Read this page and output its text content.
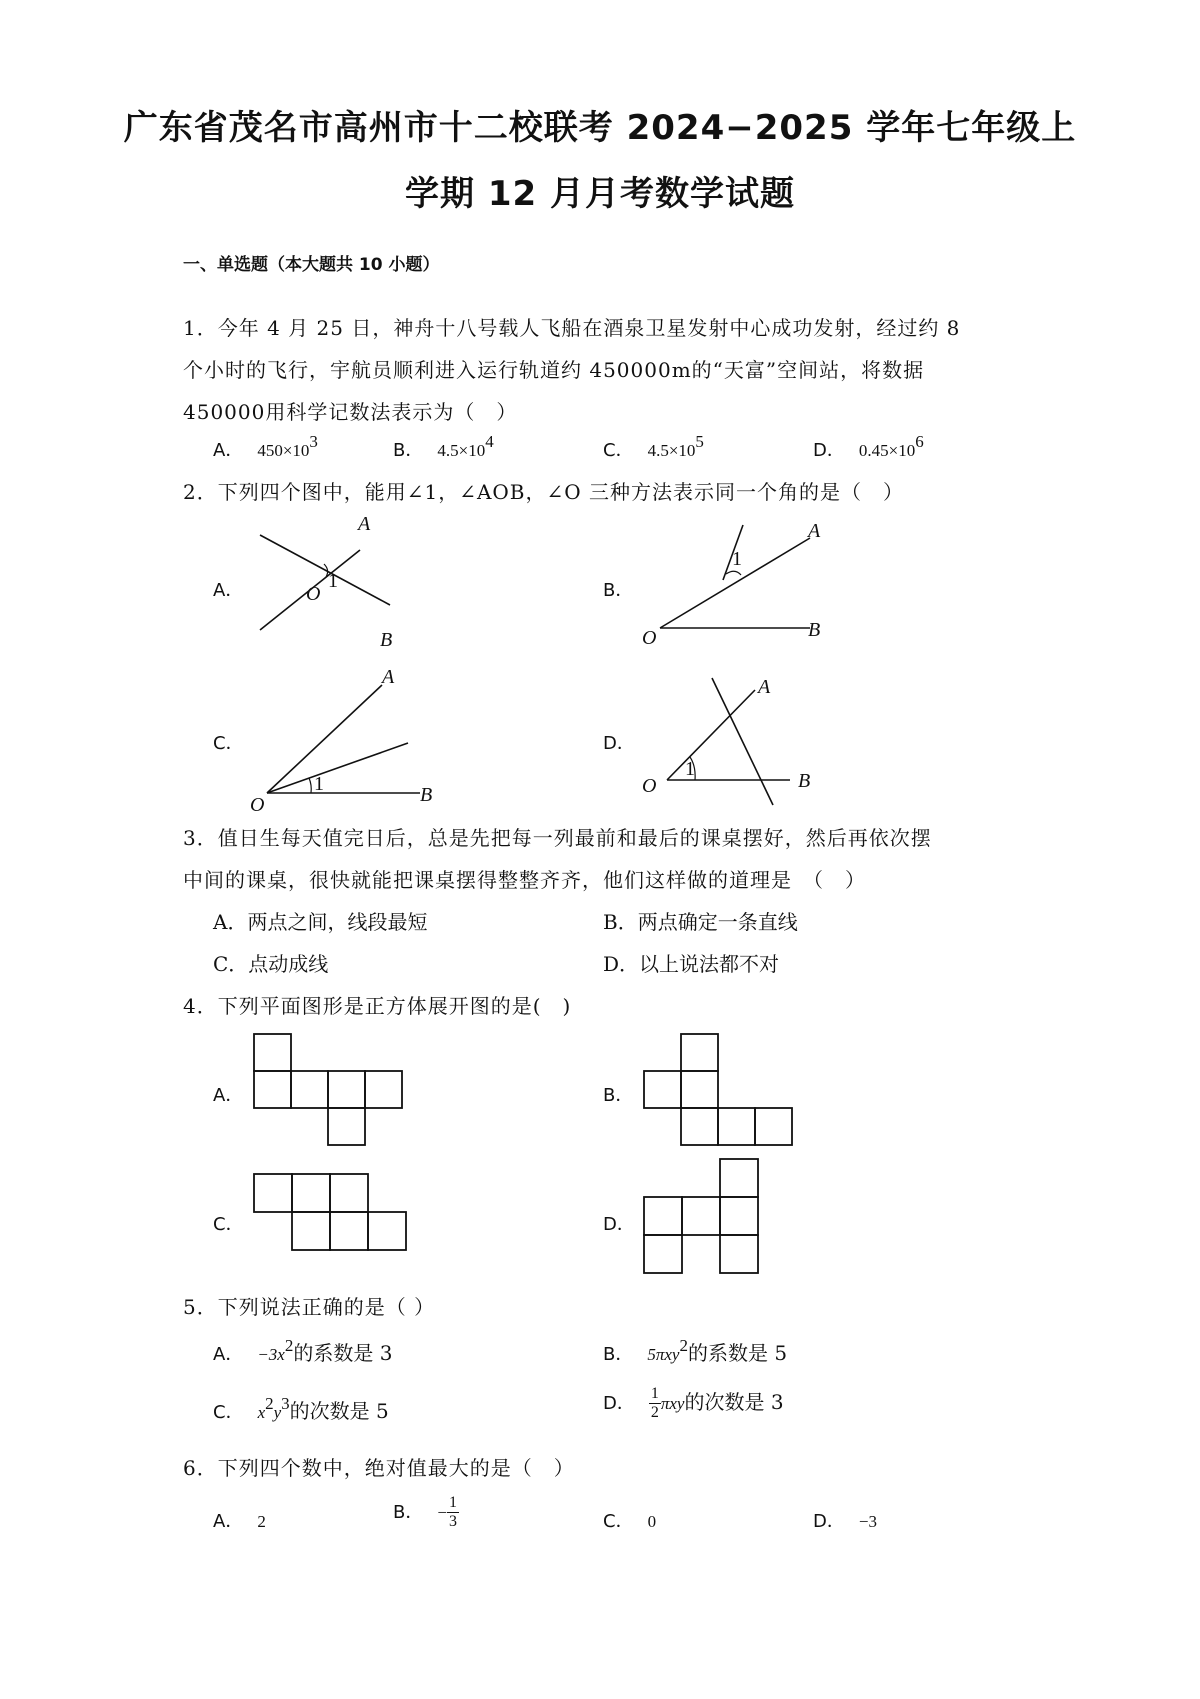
广东省茂名市高州市十二校联考 2024−2025 学年七年级上
学期 12 月月考数学试题
一、单选题（本大题共 10 小题）
1．今年 4 月 25 日，神舟十八号载人飞船在酒泉卫星发射中心成功发射，经过约 8
个小时的飞行，宇航员顺利进入运行轨道约 450000m的“天富”空间站，将数据
450000用科学记数法表示为（　）
A． $450\times 10^3$	B． $4.5\times 10^4$	C． $4.5\times 10^5$	D． $0.45\times 10^6$
2．下列四个图中，能用∠1，∠AOB，∠O 三种方法表示同一个角的是（　）
A．
A
O
1
B
B．
A
1
O	B
C．
A
1
O	B
D．
A
1
O	B
3．值日生每天值完日后，总是先把每一列最前和最后的课桌摆好，然后再依次摆
中间的课桌，很快就能把课桌摆得整整齐齐，他们这样做的道理是　（　）
A．两点之间，线段最短	B．两点确定一条直线
C．点动成线	D．以上说法都不对
4．下列平面图形是正方体展开图的是(　)
A．	B．
C．	D．
5．下列说法正确的是（ ）
A． $-3x^2$的系数是 3	B． 5πxy$^2$的系数是 5
C． $x^2y^3$的次数是 5	D． $\frac{1}{2}$ πxy的次数是 3
6．下列四个数中，绝对值最大的是（　）
A． 2	B． − $\frac{1}{3}$	C． 0	D． −3
